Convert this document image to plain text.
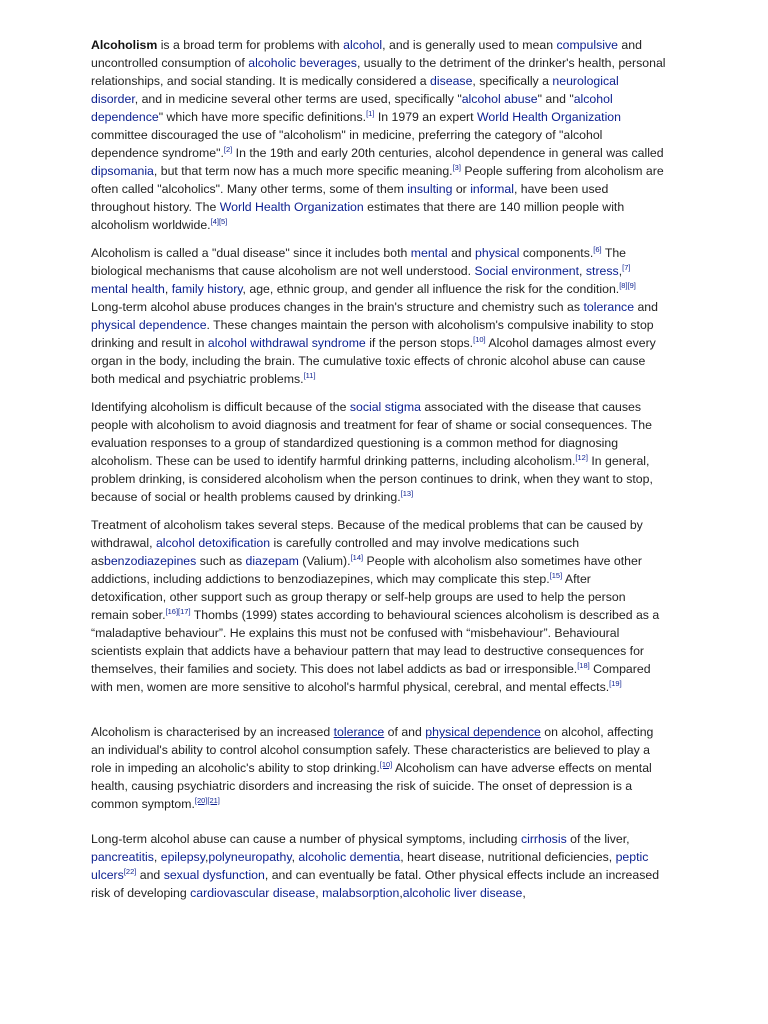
Alcoholism is a broad term for problems with alcohol, and is generally used to mean compulsive and uncontrolled consumption of alcoholic beverages, usually to the detriment of the drinker's health, personal relationships, and social standing. It is medically considered a disease, specifically a neurological disorder, and in medicine several other terms are used, specifically "alcohol abuse" and "alcohol dependence" which have more specific definitions.[1] In 1979 an expert World Health Organization committee discouraged the use of "alcoholism" in medicine, preferring the category of "alcohol dependence syndrome".[2] In the 19th and early 20th centuries, alcohol dependence in general was called dipsomania, but that term now has a much more specific meaning.[3] People suffering from alcoholism are often called "alcoholics". Many other terms, some of them insulting or informal, have been used throughout history. The World Health Organization estimates that there are 140 million people with alcoholism worldwide.[4][5]

Alcoholism is called a "dual disease" since it includes both mental and physical components.[6] The biological mechanisms that cause alcoholism are not well understood. Social environment, stress,[7] mental health, family history, age, ethnic group, and gender all influence the risk for the condition.[8][9] Long-term alcohol abuse produces changes in the brain's structure and chemistry such as tolerance and physical dependence. These changes maintain the person with alcoholism's compulsive inability to stop drinking and result in alcohol withdrawal syndrome if the person stops.[10] Alcohol damages almost every organ in the body, including the brain. The cumulative toxic effects of chronic alcohol abuse can cause both medical and psychiatric problems.[11]

Identifying alcoholism is difficult because of the social stigma associated with the disease that causes people with alcoholism to avoid diagnosis and treatment for fear of shame or social consequences. The evaluation responses to a group of standardized questioning is a common method for diagnosing alcoholism. These can be used to identify harmful drinking patterns, including alcoholism.[12] In general, problem drinking, is considered alcoholism when the person continues to drink, when they want to stop, because of social or health problems caused by drinking.[13]

Treatment of alcoholism takes several steps. Because of the medical problems that can be caused by withdrawal, alcohol detoxification is carefully controlled and may involve medications such asbenzodiazepines such as diazepam (Valium).[14] People with alcoholism also sometimes have other addictions, including addictions to benzodiazepines, which may complicate this step.[15] After detoxification, other support such as group therapy or self-help groups are used to help the person remain sober.[16][17] Thombs (1999) states according to behavioural sciences alcoholism is described as a “maladaptive behaviour”. He explains this must not be confused with “misbehaviour”. Behavioural scientists explain that addicts have a behaviour pattern that may lead to destructive consequences for themselves, their families and society. This does not label addicts as bad or irresponsible.[18] Compared with men, women are more sensitive to alcohol's harmful physical, cerebral, and mental effects.[19]

Alcoholism is characterised by an increased tolerance of and physical dependence on alcohol, affecting an individual's ability to control alcohol consumption safely. These characteristics are believed to play a role in impeding an alcoholic's ability to stop drinking.[10] Alcoholism can have adverse effects on mental health, causing psychiatric disorders and increasing the risk of suicide. The onset of depression is a common symptom.[20][21]

Long-term alcohol abuse can cause a number of physical symptoms, including cirrhosis of the liver, pancreatitis, epilepsy,polyneuropathy, alcoholic dementia, heart disease, nutritional deficiencies, peptic ulcers[22] and sexual dysfunction, and can eventually be fatal. Other physical effects include an increased risk of developing cardiovascular disease, malabsorption,alcoholic liver disease,
